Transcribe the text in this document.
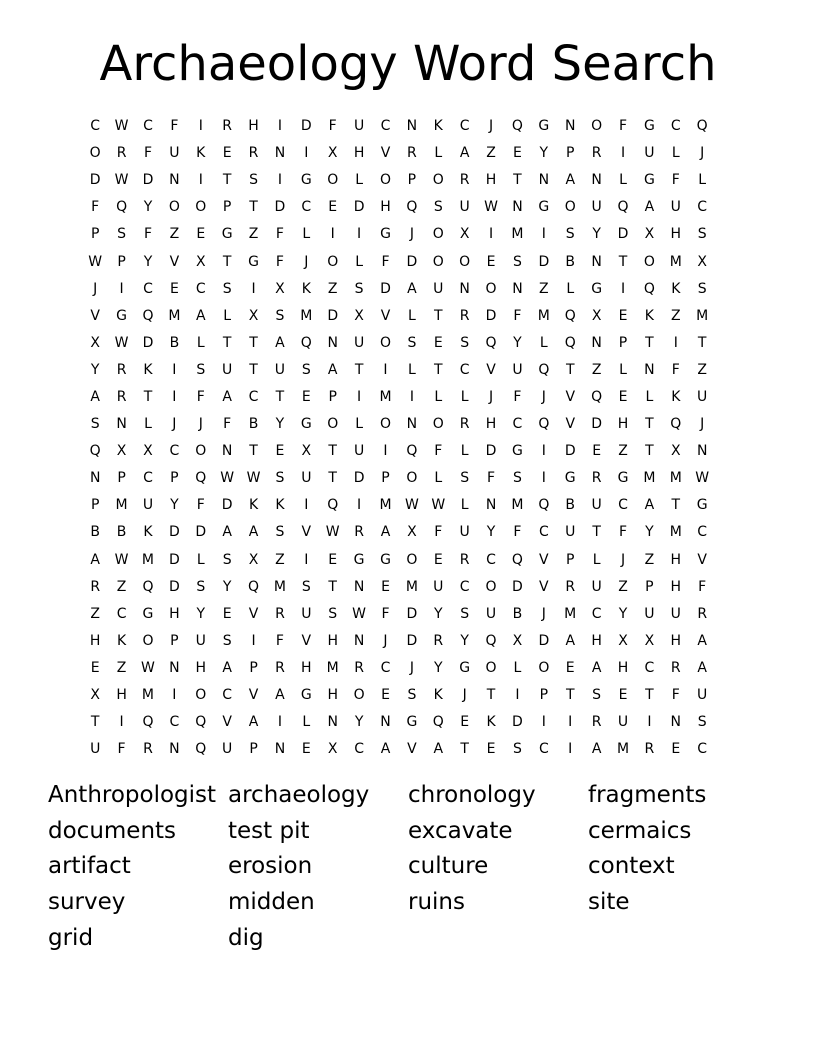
Archaeology Word Search
C	W	C	F	I	R	H	I	D	F	U	C	N	K	C	J	Q	G	N	O	F	G	C	Q
O	R	F	U	K	E	R	N	I	X	H	V	R	L	A	Z	E	Y	P	R	I	U	L	J
D	W	D	N	I	T	S	I	G	O	L	O	P	O	R	H	T	N	A	N	L	G	F	L
F	Q	Y	O	O	P	T	D	C	E	D	H	Q	S	U	W	N	G	O	U	Q	A	U	C
P	S	F	Z	E	G	Z	F	L	I	I	G	J	O	X	I	M	I	S	Y	D	X	H	S
W	P	Y	V	X	T	G	F	J	O	L	F	D	O	O	E	S	D	B	N	T	O	M	X
J	I	C	E	C	S	I	X	K	Z	S	D	A	U	N	O	N	Z	L	G	I	Q	K	S
V	G	Q	M	A	L	X	S	M	D	X	V	L	T	R	D	F	M	Q	X	E	K	Z	M
X	W	D	B	L	T	T	A	Q	N	U	O	S	E	S	Q	Y	L	Q	N	P	T	I	T
Y	R	K	I	S	U	T	U	S	A	T	I	L	T	C	V	U	Q	T	Z	L	N	F	Z
A	R	T	I	F	A	C	T	E	P	I	M	I	L	L	J	F	J	V	Q	E	L	K	U
S	N	L	J	J	F	B	Y	G	O	L	O	N	O	R	H	C	Q	V	D	H	T	Q	J
Q	X	X	C	O	N	T	E	X	T	U	I	Q	F	L	D	G	I	D	E	Z	T	X	N
N	P	C	P	Q W W	S	U	T	D	P	O	L	S	F	S	I	G	R	G	M	M W
P	M	U	Y	F	D	K	K	I	Q	I	M W W	L	N	M	Q	B	U	C	A	T	G
B	B	K	D	D	A	A	S	V	W	R	A	X	F	U	Y	F	C	U	T	F	Y	M	C
A	W M	D	L	S	X	Z	I	E	G	G	O	E	R	C	Q	V	P	L	J	Z	H	V
R	Z	Q	D	S	Y	Q	M	S	T	N	E	M	U	C	O	D	V	R	U	Z	P	H	F
Z	C	G	H	Y	E	V	R	U	S	W	F	D	Y	S	U	B	J	M	C	Y	U	U	R
H	K	O	P	U	S	I	F	V	H	N	J	D	R	Y	Q	X	D	A	H	X	X	H	A
E	Z	W	N	H	A	P	R	H	M	R	C	J	Y	G	O	L	O	E	A	H	C	R	A
X	H	M	I	O	C	V	A	G	H	O	E	S	K	J	T	I	P	T	S	E	T	F	U
T	I	Q	C	Q	V	A	I	L	N	Y	N	G	Q	E	K	D	I	I	R	U	I	N	S
U	F	R	N	Q	U	P	N	E	X	C	A	V	A	T	E	S	C	I	A	M	R	E	C
Anthropologist archaeology	chronology	fragments
documents	test pit	excavate	cermaics
artifact	erosion	culture	context
survey	midden	ruins	site
grid	dig
